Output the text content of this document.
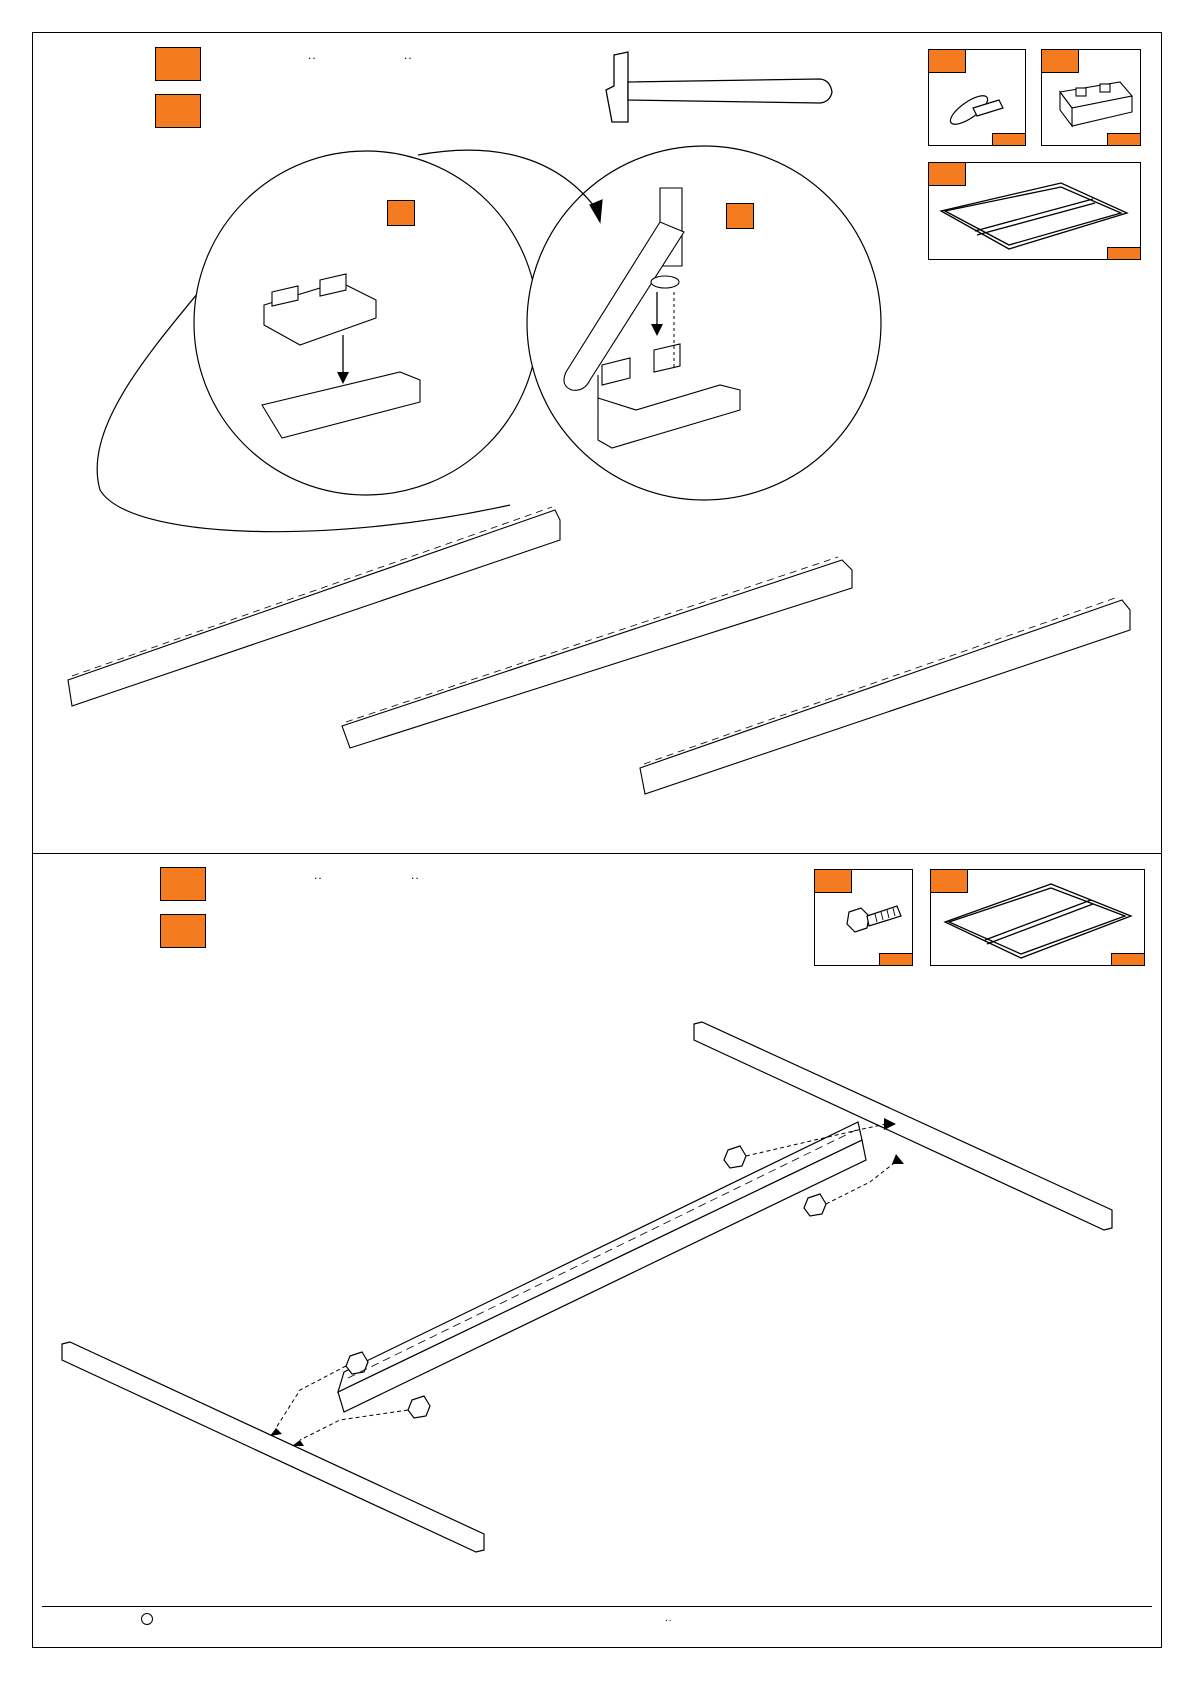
..	..
..	..
..
